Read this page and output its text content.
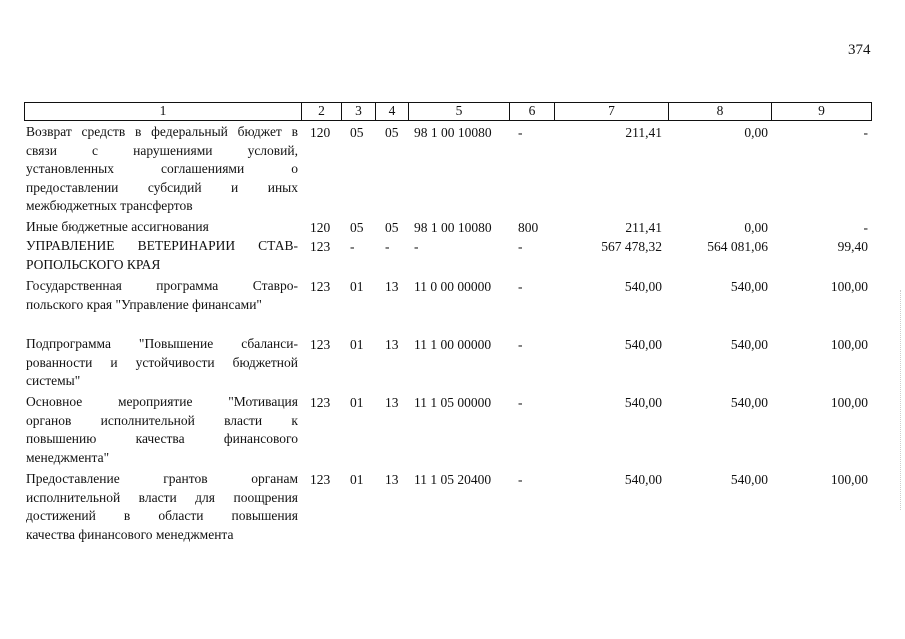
374
1	2	3	4	5	6	7	8	9
Возврат средств в федеральный бюджет в
связи с нарушениями условий,
установленных соглашениями о
предоставлении субсидий и иных
межбюджетных трансфертов
120	05	05	98 1 00 10080	-	211,41	0,00	-
Иные бюджетные ассигнования	120	05	05	98 1 00 10080	800	211,41	0,00	-
УПРАВЛЕНИЕ ВЕТЕРИНАРИИ СТАВ-
РОПОЛЬСКОГО КРАЯ
123	-	-	-	-	567 478,32	564 081,06	99,40
Государственная программа Ставро-
польского края "Управление финансами"
123	01	13	11 0 00 00000	-	540,00	540,00	100,00
Подпрограмма "Повышение сбаланси-
рованности и устойчивости бюджетной
системы"
123	01	13	11 1 00 00000	-	540,00	540,00	100,00
Основное мероприятие "Мотивация
органов исполнительной власти к
повышению качества финансового
менеджмента"
123	01	13	11 1 05 00000	-	540,00	540,00	100,00
Предоставление грантов органам
исполнительной власти для поощрения
достижений в области повышения
качества финансового менеджмента
123	01	13	11 1 05 20400	-	540,00	540,00	100,00
